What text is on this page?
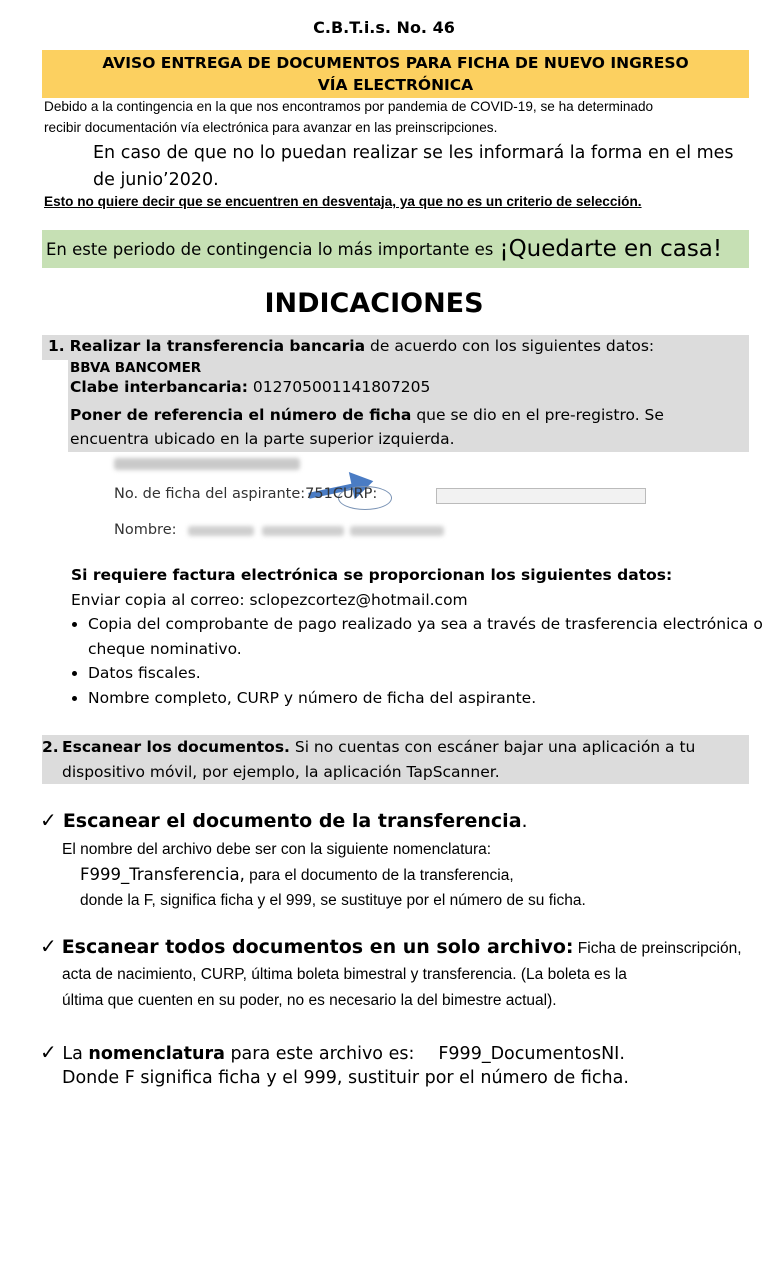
C.B.T.i.s. No. 46
AVISO ENTREGA DE DOCUMENTOS PARA FICHA DE NUEVO INGRESO
VÍA ELECTRÓNICA
Debido a la contingencia en la que nos encontramos por pandemia de COVID-19, se ha determinado
recibir documentación vía electrónica para avanzar en las preinscripciones.
En caso de que no lo puedan realizar se les informará la forma en el mes
de junio’2020.
Esto no quiere decir que se encuentren en desventaja, ya que no es un criterio de selección.
En este periodo de contingencia lo más importante es ¡Quedarte en casa!
INDICACIONES
1. Realizar la transferencia bancaria de acuerdo con los siguientes datos:
BBVA BANCOMER
Clabe interbancaria: 012705001141807205
Poner de referencia el número de ficha que se dio en el pre-registro. Se
encuentra ubicado en la parte superior izquierda.
No. de ficha del aspirante:751CURP:
Nombre:
Si requiere factura electrónica se proporcionan los siguientes datos:
Enviar copia al correo: sclopezcortez@hotmail.com
• Copia del comprobante de pago realizado ya sea a través de trasferencia electrónica o cheque nominativo.
• Datos fiscales.
• Nombre completo, CURP y número de ficha del aspirante.
2. Escanear los documentos. Si no cuentas con escáner bajar una aplicación a tu
dispositivo móvil, por ejemplo, la aplicación TapScanner.
✓ Escanear el documento de la transferencia.
El nombre del archivo debe ser con la siguiente nomenclatura:
F999_Transferencia, para el documento de la transferencia,
donde la F, significa ficha y el 999, se sustituye por el número de su ficha.
✓ Escanear todos documentos en un solo archivo: Ficha de preinscripción,
acta de nacimiento, CURP, última boleta bimestral y transferencia. (La boleta es la
última que cuenten en su poder, no es necesario la del bimestre actual).
✓ La nomenclatura para este archivo es: F999_DocumentosNI.
Donde F significa ficha y el 999, sustituir por el número de ficha.
